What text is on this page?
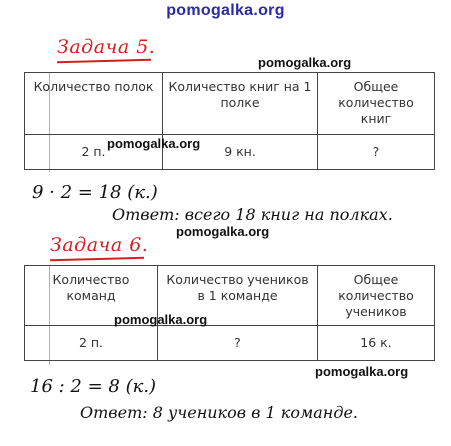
pomogalka.org
Задача 5.
pomogalka.org
Количество полок	Количество книг на 1 полке	Общее количество книг
2 п.	9 кн.	?
pomogalka.org
9 · 2 = 18 (к.)
Ответ: всего 18 книг на полках.
pomogalka.org
Задача 6.
Количество команд	Количество учеников в 1 команде	Общее количество учеников
2 п.	?	16 к.
pomogalka.org
pomogalka.org
16 : 2 = 8 (к.)
Ответ: 8 учеников в 1 команде.
